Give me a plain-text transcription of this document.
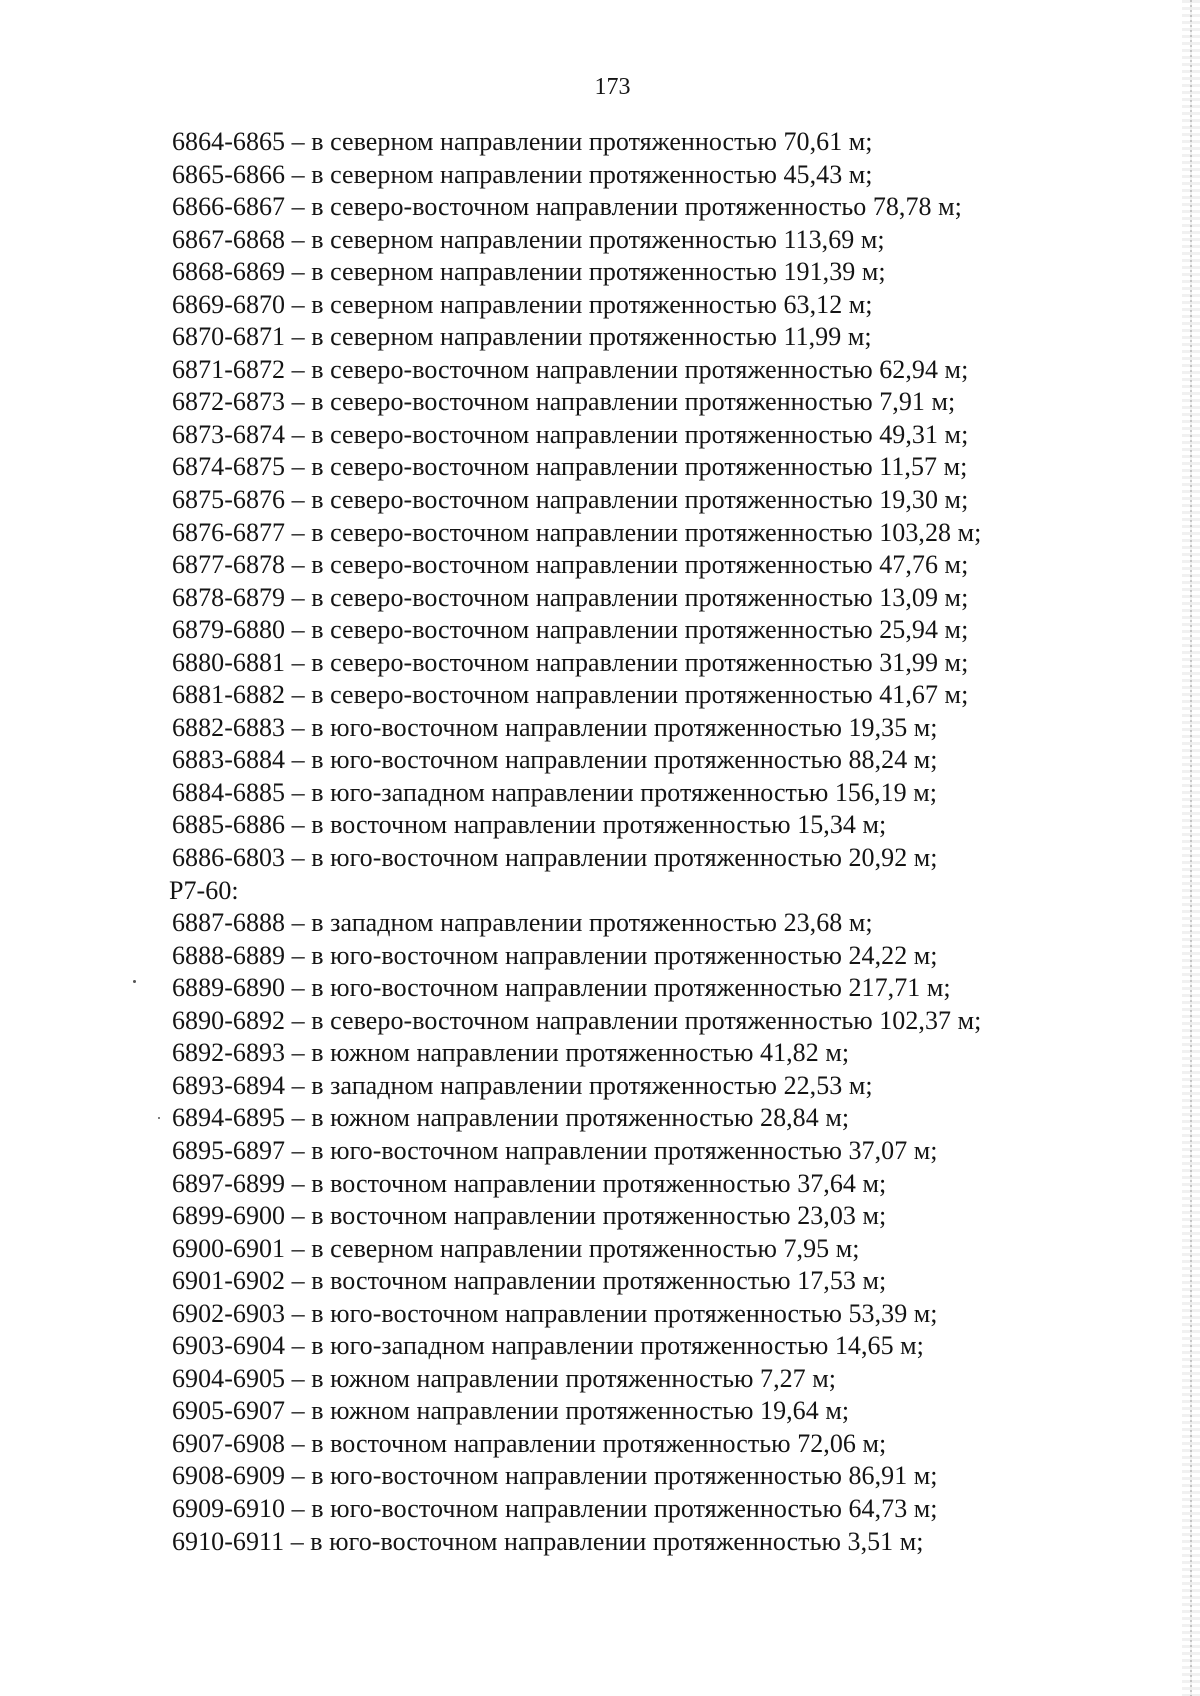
173
6864-6865 – в северном направлении протяженностью 70,61 м;
6865-6866 – в северном направлении протяженностью 45,43 м;
6866-6867 – в северо-восточном направлении протяженностьо 78,78 м;
6867-6868 – в северном направлении протяженностью 113,69 м;
6868-6869 – в северном направлении протяженностью 191,39 м;
6869-6870 – в северном направлении протяженностью 63,12 м;
6870-6871 – в северном направлении протяженностью 11,99 м;
6871-6872 – в северо-восточном направлении протяженностью 62,94 м;
6872-6873 – в северо-восточном направлении протяженностью 7,91 м;
6873-6874 – в северо-восточном направлении протяженностью 49,31 м;
6874-6875 – в северо-восточном направлении протяженностью 11,57 м;
6875-6876 – в северо-восточном направлении протяженностью 19,30 м;
6876-6877 – в северо-восточном направлении протяженностью 103,28 м;
6877-6878 – в северо-восточном направлении протяженностью 47,76 м;
6878-6879 – в северо-восточном направлении протяженностью 13,09 м;
6879-6880 – в северо-восточном направлении протяженностью 25,94 м;
6880-6881 – в северо-восточном направлении протяженностью 31,99 м;
6881-6882 – в северо-восточном направлении протяженностью 41,67 м;
6882-6883 – в юго-восточном направлении протяженностью 19,35 м;
6883-6884 – в юго-восточном направлении протяженностью 88,24 м;
6884-6885 – в юго-западном направлении протяженностью 156,19 м;
6885-6886 – в восточном направлении протяженностью 15,34 м;
6886-6803 – в юго-восточном направлении протяженностью 20,92 м;
Р7-60:
6887-6888 – в западном направлении протяженностью 23,68 м;
6888-6889 – в юго-восточном направлении протяженностью 24,22 м;
6889-6890 – в юго-восточном направлении протяженностью 217,71 м;
6890-6892 – в северо-восточном направлении протяженностью 102,37 м;
6892-6893 – в южном направлении протяженностью 41,82 м;
6893-6894 – в западном направлении протяженностью 22,53 м;
6894-6895 – в южном направлении протяженностью 28,84 м;
6895-6897 – в юго-восточном направлении протяженностью 37,07 м;
6897-6899 – в восточном направлении протяженностью 37,64 м;
6899-6900 – в восточном направлении протяженностью 23,03 м;
6900-6901 – в северном направлении протяженностью 7,95 м;
6901-6902 – в восточном направлении протяженностью 17,53 м;
6902-6903 – в юго-восточном направлении протяженностью 53,39 м;
6903-6904 – в юго-западном направлении протяженностью 14,65 м;
6904-6905 – в южном направлении протяженностью 7,27 м;
6905-6907 – в южном направлении протяженностью 19,64 м;
6907-6908 – в восточном направлении протяженностью 72,06 м;
6908-6909 – в юго-восточном направлении протяженностью 86,91 м;
6909-6910 – в юго-восточном направлении протяженностью 64,73 м;
6910-6911 – в юго-восточном направлении протяженностью 3,51 м;
